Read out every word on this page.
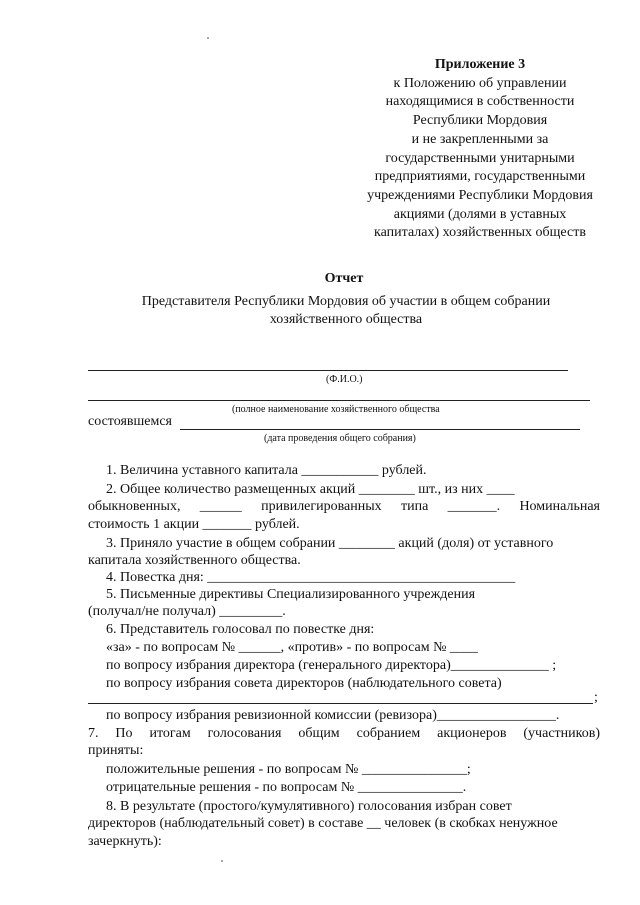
Приложение 3
к Положению об управлении
находящимися в собственности
Республики Мордовия
и не закрепленными за
государственными унитарными
предприятиями, государственными
учреждениями Республики Мордовия
акциями (долями в уставных
капиталах) хозяйственных обществ
Отчет
Представителя Республики Мордовия об участии в общем собрании
хозяйственного общества
(Ф.И.О.)
(полное наименование хозяйственного общества
состоявшемся
(дата проведения общего собрания)
1. Величина уставного капитала ___________ рублей.
2. Общее количество размещенных акций ________ шт., из них ____
обыкновенных, ______ привилегированных типа _______. Номинальная
стоимость 1 акции _______ рублей.
3. Приняло участие в общем собрании ________ акций (доля) от уставного
капитала хозяйственного общества.
4. Повестка дня: ____________________________________________
5. Письменные директивы Специализированного учреждения
(получал/не получал) _________.
6. Представитель голосовал по повестке дня:
«за» - по вопросам № ______, «против» - по вопросам № ____
по вопросу избрания директора (генерального директора)______________ ;
по вопросу избрания совета директоров (наблюдательного совета)
;
по вопросу избрания ревизионной комиссии (ревизора)_________________.
7. По итогам голосования общим собранием акционеров (участников)
приняты:
положительные решения - по вопросам № _______________;
отрицательные решения - по вопросам № _______________.
8. В результате (простого/кумулятивного) голосования избран совет
директоров (наблюдательный совет) в составе __ человек (в скобках ненужное
зачеркнуть):
